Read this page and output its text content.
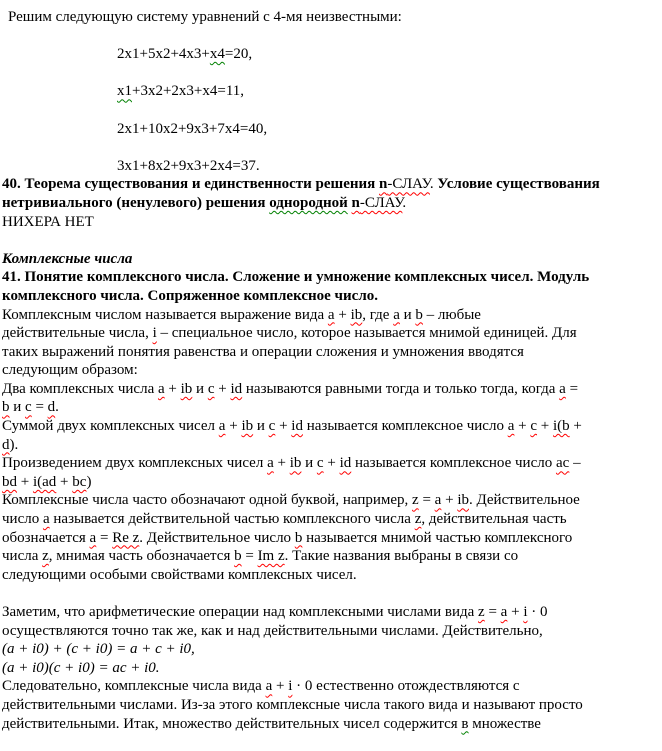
Решим следующую систему уравнений с 4-мя неизвестными:

2x1+5x2+4x3+x4=20,

x1+3x2+2x3+x4=11,

2x1+10x2+9x3+7x4=40,

3x1+8x2+9x3+2x4=37.
40. Теорема существования и единственности решения n-СЛАУ. Условие существования
нетривиального (ненулевого) решения однородной n-СЛАУ.
НИХЕРА НЕТ

Комплексные числа
41. Понятие комплексного числа. Сложение и умножение комплексных чисел. Модуль
комплексного числа. Сопряженное комплексное число.
Комплексным числом называется выражение вида a + ib, где a и b – любые
действительные числа, i – специальное число, которое называется мнимой единицей. Для
таких выражений понятия равенства и операции сложения и умножения вводятся
следующим образом:
Два комплексных числа a + ib и c + id называются равными тогда и только тогда, когда a =
b и c = d.
Суммой двух комплексных чисел a + ib и c + id называется комплексное число a + c + i(b +
d).
Произведением двух комплексных чисел a + ib и c + id называется комплексное число ac –
bd + i(ad + bc)
Комплексные числа часто обозначают одной буквой, например, z = a + ib. Действительное
число a называется действительной частью комплексного числа z, действительная часть
обозначается a = Re z. Действительное число b называется мнимой частью комплексного
числа z, мнимая часть обозначается b = Im z. Такие названия выбраны в связи со
следующими особыми свойствами комплексных чисел.

Заметим, что арифметические операции над комплексными числами вида z = a + i · 0
осуществляются точно так же, как и над действительными числами. Действительно,
(a + i0) + (c + i0) = a + c + i0,
(a + i0)(c + i0) = ac + i0.
Следовательно, комплексные числа вида a + i · 0 естественно отождествляются с
действительными числами. Из-за этого комплексные числа такого вида и называют просто
действительными. Итак, множество действительных чисел содержится в множестве
